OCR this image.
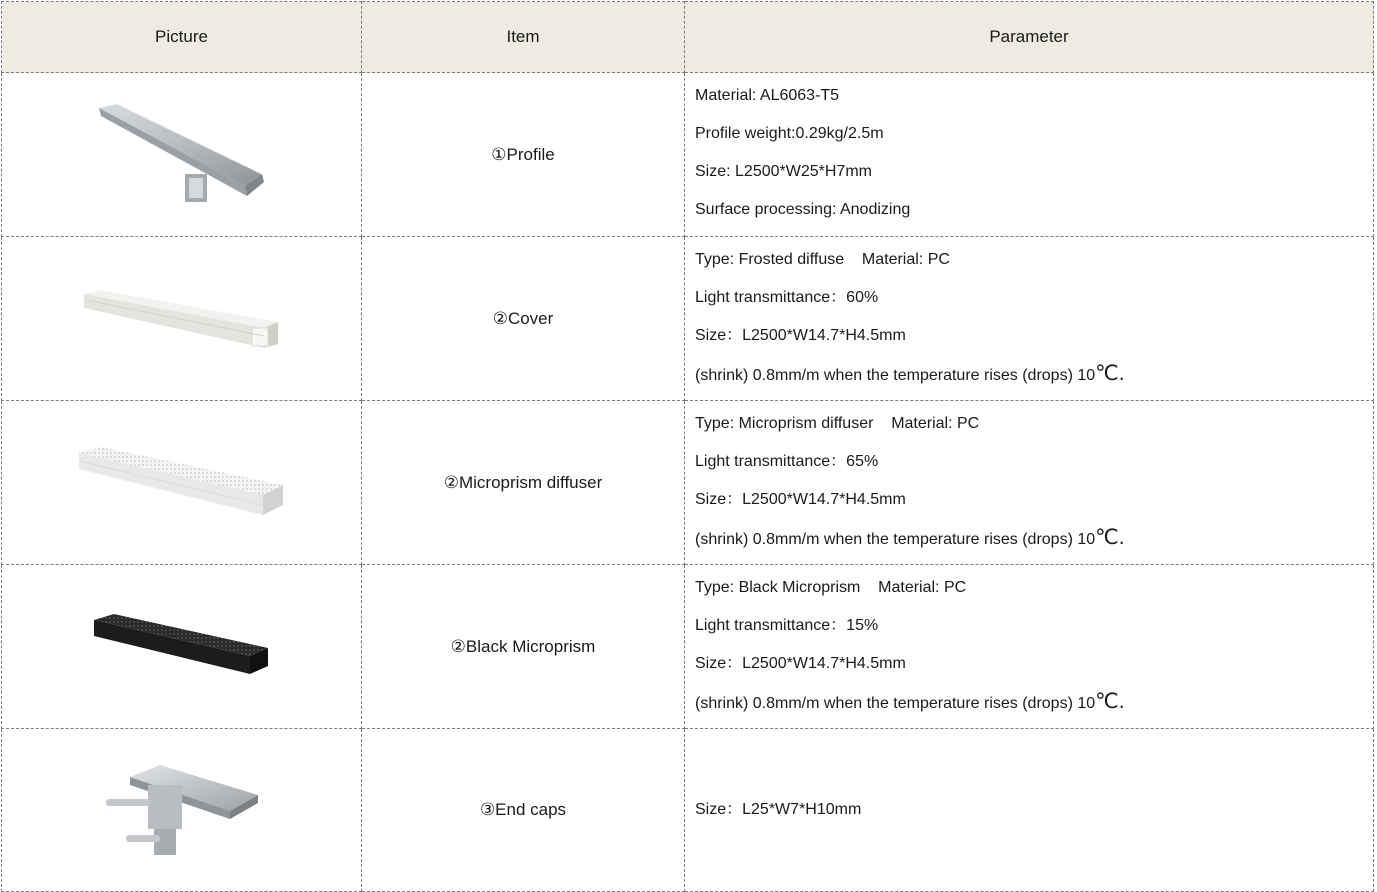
Picture	Item	Parameter
	①Profile	Material: AL6063-T5
Profile weight:0.29kg/2.5m
Size: L2500*W25*H7mm
Surface processing: Anodizing

	②Cover	Type: Frosted diffuse    Material: PC
Light transmittance：60%
Size：L2500*W14.7*H4.5mm
(shrink) 0.8mm/m when the temperature rises (drops) 10℃.

	②Microprism diffuser	Type: Microprism diffuser    Material: PC
Light transmittance：65%
Size：L2500*W14.7*H4.5mm
(shrink) 0.8mm/m when the temperature rises (drops) 10℃.

	②Black Microprism	Type: Black Microprism    Material: PC
Light transmittance：15%
Size：L2500*W14.7*H4.5mm
(shrink) 0.8mm/m when the temperature rises (drops) 10℃.

	③End caps	Size：L25*W7*H10mm
